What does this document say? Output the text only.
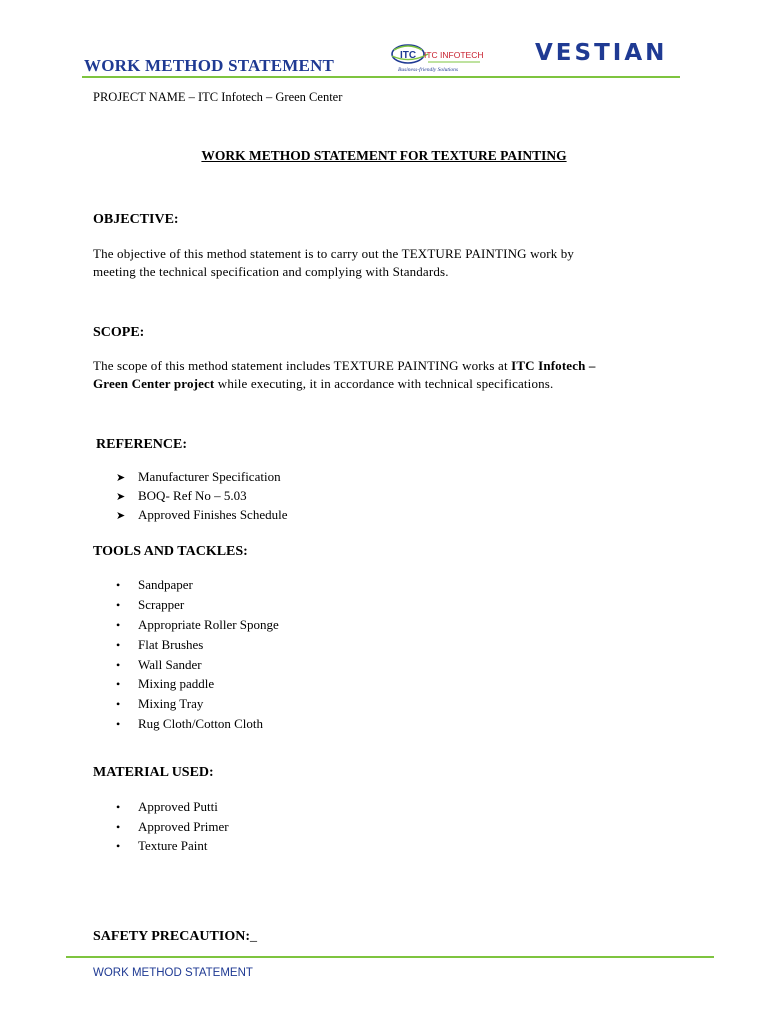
WORK METHOD STATEMENT
ITC ITC INFOTECH
Business-friendly Solutions
VESTIAN
PROJECT NAME – ITC Infotech – Green Center
WORK METHOD STATEMENT FOR TEXTURE PAINTING
OBJECTIVE:
The objective of this method statement is to carry out the TEXTURE PAINTING work by
meeting the technical specification and complying with Standards.
SCOPE:
The scope of this method statement includes TEXTURE PAINTING works at ITC Infotech –
Green Center project while executing, it in accordance with technical specifications.
REFERENCE:
➤ Manufacturer Specification
➤ BOQ- Ref No – 5.03
➤ Approved Finishes Schedule
TOOLS AND TACKLES:
• Sandpaper
• Scrapper
• Appropriate Roller Sponge
• Flat Brushes
• Wall Sander
• Mixing paddle
• Mixing Tray
• Rug Cloth/Cotton Cloth
MATERIAL USED:
• Approved Putti
• Approved Primer
• Texture Paint
SAFETY PRECAUTION:_
WORK METHOD STATEMENT
